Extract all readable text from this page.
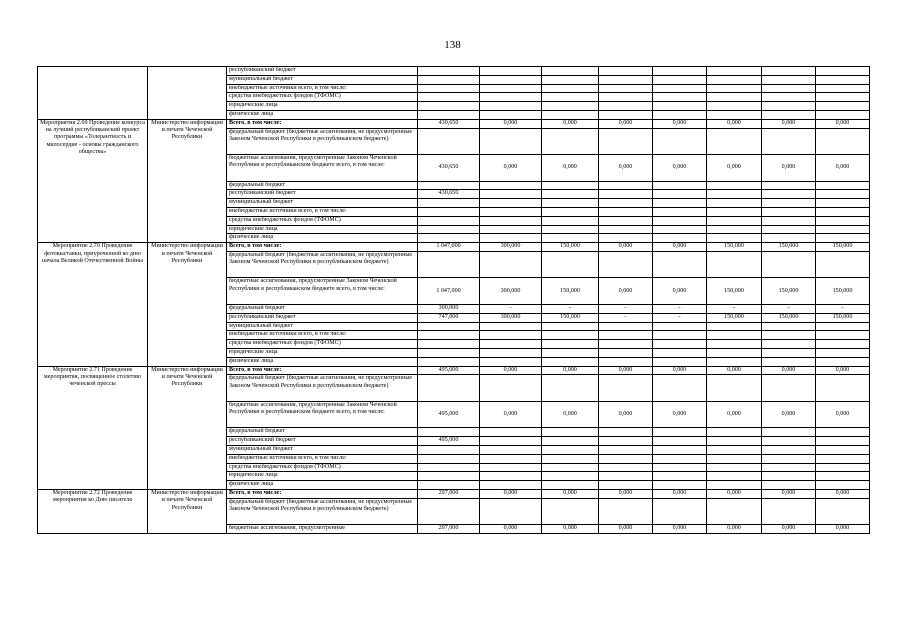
138
		республиканский бюджет								
		муниципальный бюджет								
		внебюджетные источники всего, в том числе:								
		средства внебюджетных фондов (ТФОМС)								
		юридические лица								
		физические лица								
Мероприятия 2.69 Проведение конкурса на лучший республиканский проект программы «Толерантность и милосердие - основы гражданского общества»	Министерство информации и печати Чеченской Республики	Всего, в том числе:	430,650	0,000	0,000	0,000	0,000	0,000	0,000	0,000
		федеральный бюджет (бюджетные ассигнования, не предусмотренные Законом Чеченской Республики в республиканском бюджете)								
		бюджетные ассигнования, предусмотренные Законом Чеченской Республики в республиканском бюджете всего, в том числе:	430,650	0,000	0,000	0,000	0,000	0,000	0,000	0,000
		федеральный бюджет								
		республиканский бюджет	430,650							
		муниципальный бюджет								
		внебюджетные источники всего, в том числе:								
		средства внебюджетных фондов (ТФОМС)								
		юридические лица								
		физические лица								
Мероприятие 2.70 Проведение фотовыставки, приуроченной ко дню начала Великой Отечественной Войны	Министерство информации и печати Чеченской Республики	Всего, в том числе:	1 047,000	300,000	150,000	0,000	0,000	150,000	150,000	150,000
		федеральный бюджет (бюджетные ассигнования, не предусмотренные Законом Чеченской Республики в республиканском бюджете)								
		бюджетные ассигнования, предусмотренные Законом Чеченской Республики в республиканском бюджете всего, в том числе:	1 047,000	300,000	150,000	0,000	0,000	150,000	150,000	150,000
		федеральный бюджет	300,000	-	-	-	-	-	-	-
		республиканский бюджет	747,000	300,000	150,000	-	-	150,000	150,000	150,000
		муниципальный бюджет								
		внебюджетные источники всего, в том числе:								
		средства внебюджетных фондов (ТФОМС)								
		юридические лица								
		физические лица								
Мероприятие 2.71 Проведение мероприятия, посвященное столетию чеченской прессы	Министерство информации и печати Чеченской Республики	Всего, в том числе:	495,000	0,000	0,000	0,000	0,000	0,000	0,000	0,000
		федеральный бюджет (бюджетные ассигнования, не предусмотренные Законом Чеченской Республики в республиканском бюджете)								
		бюджетные ассигнования, предусмотренные Законом Чеченской Республики в республиканском бюджете всего, в том числе:	495,000	0,000	0,000	0,000	0,000	0,000	0,000	0,000
		федеральный бюджет								
		республиканский бюджет	495,000							
		муниципальный бюджет								
		внебюджетные источники всего, в том числе:								
		средства внебюджетных фондов (ТФОМС)								
		юридические лица								
		физические лица								
Мероприятие 2.72 Проведение мероприятия ко Дню писателя	Министерство информации и печати Чеченской Республики	Всего, в том числе:	297,000	0,000	0,000	0,000	0,000	0,000	0,000	0,000
		федеральный бюджет (бюджетные ассигнования, не предусмотренные Законом Чеченской Республики в республиканском бюджете)								
		бюджетные ассигнования, предусмотренные	297,000	0,000	0,000	0,000	0,000	0,000	0,000	0,000
